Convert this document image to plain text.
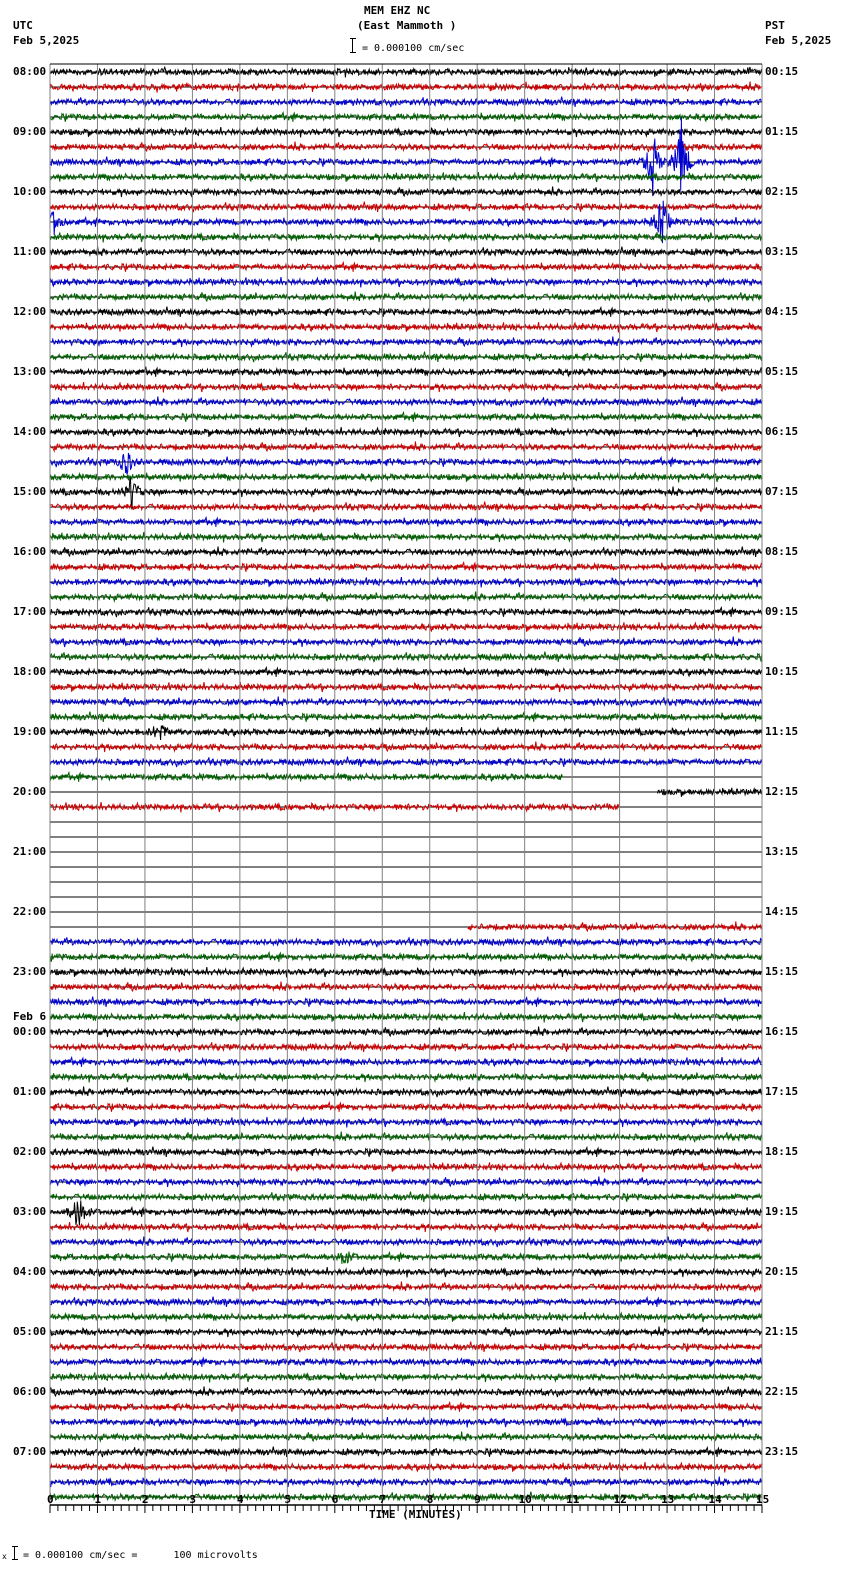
MEM EHZ NC
(East Mammoth )
UTC
Feb 5,2025
PST
Feb 5,2025
= 0.000100 cm/sec
08:00
09:00
10:00
11:00
12:00
13:00
14:00
15:00
16:00
17:00
18:00
19:00
20:00
21:00
22:00
23:00
Feb 6
00:00
01:00
02:00
03:00
04:00
05:00
06:00
07:00
00:15
01:15
02:15
03:15
04:15
05:15
06:15
07:15
08:15
09:15
10:15
11:15
12:15
13:15
14:15
15:15
16:15
17:15
18:15
19:15
20:15
21:15
22:15
23:15
0	1	2	3	4	5	6	7	8	9	10	11	12	13	14	15
TIME (MINUTES)
x = 0.000100 cm/sec =      100 microvolts
